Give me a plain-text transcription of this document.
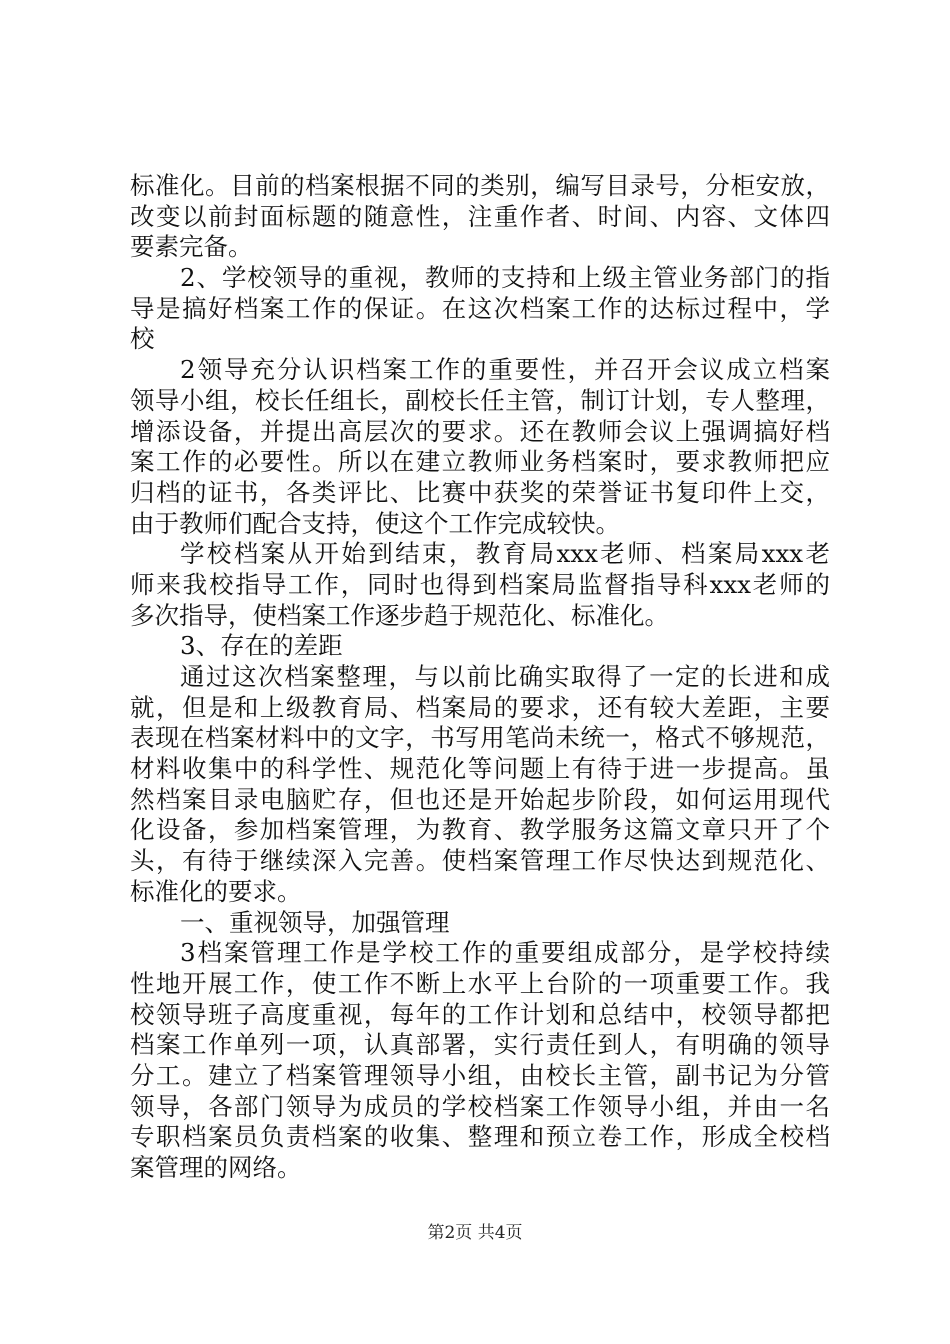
标准化。目前的档案根据不同的类别，编写目录号，分柜安放，
改变以前封面标题的随意性，注重作者、时间、内容、文体四
要素完备。
2、学校领导的重视，教师的支持和上级主管业务部门的指
导是搞好档案工作的保证。在这次档案工作的达标过程中，学
校
2领导充分认识档案工作的重要性，并召开会议成立档案
领导小组，校长任组长，副校长任主管，制订计划，专人整理，
增添设备，并提出高层次的要求。还在教师会议上强调搞好档
案工作的必要性。所以在建立教师业务档案时，要求教师把应
归档的证书，各类评比、比赛中获奖的荣誉证书复印件上交，
由于教师们配合支持，使这个工作完成较快。
学校档案从开始到结束，教育局xxx老师、档案局xxx老
师来我校指导工作，同时也得到档案局监督指导科xxx老师的
多次指导，使档案工作逐步趋于规范化、标准化。
3、存在的差距
通过这次档案整理，与以前比确实取得了一定的长进和成
就，但是和上级教育局、档案局的要求，还有较大差距，主要
表现在档案材料中的文字，书写用笔尚未统一，格式不够规范，
材料收集中的科学性、规范化等问题上有待于进一步提高。虽
然档案目录电脑贮存，但也还是开始起步阶段，如何运用现代
化设备，参加档案管理，为教育、教学服务这篇文章只开了个
头，有待于继续深入完善。使档案管理工作尽快达到规范化、
标准化的要求。
一、重视领导，加强管理
3档案管理工作是学校工作的重要组成部分，是学校持续
性地开展工作，使工作不断上水平上台阶的一项重要工作。我
校领导班子高度重视，每年的工作计划和总结中，校领导都把
档案工作单列一项，认真部署，实行责任到人，有明确的领导
分工。建立了档案管理领导小组，由校长主管，副书记为分管
领导，各部门领导为成员的学校档案工作领导小组，并由一名
专职档案员负责档案的收集、整理和预立卷工作，形成全校档
案管理的网络。
第2页 共4页
